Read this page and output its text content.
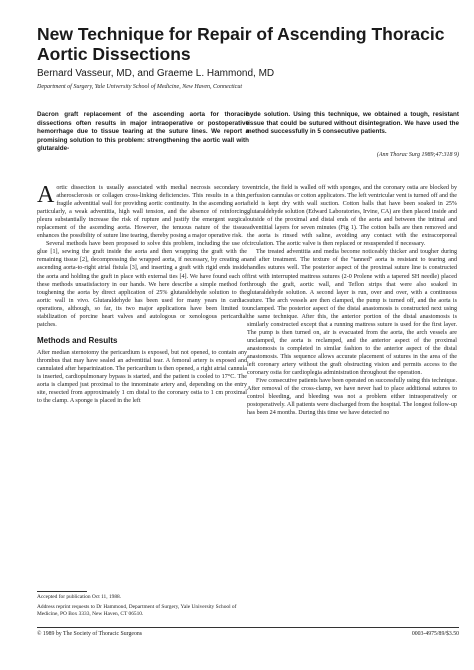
New Technique for Repair of Ascending Thoracic Aortic Dissections
Bernard Vasseur, MD, and Graeme L. Hammond, MD
Department of Surgery, Yale University School of Medicine, New Haven, Connecticut

Dacron graft replacement of the ascending aorta for thoracic dissections often results in major intraoperative or postoperative hemorrhage due to tissue tearing at the suture lines. We report a promising solution to this problem: strengthening the aortic wall with glutaralde-

hyde solution. Using this technique, we obtained a tough, resistant tissue that could be sutured without disintegration. We have used the method successfully in 5 consecutive patients.

(Ann Thorac Surg 1989;47:318 9)

Aortic dissection is usually associated with medial necrosis secondary to atherosclerosis or collagen cross-linking deficiencies. This results in a thin, fragile adventitial wall for providing aortic continuity. In the ascending aorta particularly, a weak adventitia, high wall tension, and the absence of reinforcing pleura substantially increase the risk of rupture and justify the emergent surgical replacement of the ascending aorta. However, the tenuous nature of the tissue enhances the possibility of suture line tearing, thereby posing a major operative risk.

Several methods have been proposed to solve this problem, including the use of glue [1], sewing the graft inside the aorta and then wrapping the graft with the remaining tissue [2], decompressing the wrapped aorta, if necessary, by creating an ascending aorta-to-right atrial fistula [3], and inserting a graft with rigid ends inside the aorta and holding the graft in place with external ties [4]. We have found each of these methods unsatisfactory in our hands. We here describe a simple method for toughening the aorta by direct application of 25% glutaraldehyde solution to the aortic wall in vivo. Glutaraldehyde has been used for many years in cardiac operations, although, so far, its two major applications have been limited to stabilization of porcine heart valves and autologous or xenologous pericardial patches.

Methods and Results

After median sternotomy the pericardium is exposed, but not opened, to contain any thrombus that may have sealed an adventitial tear. A femoral artery is exposed and cannulated after heparinization. The pericardium is then opened, a right atrial cannula is inserted, cardiopulmonary bypass is started, and the patient is cooled to 17°C. The aorta is clamped just proximal to the innominate artery and, depending on the entry site, resected from approximately 1 cm distal to the coronary ostia to 1 cm proximal to the clamp. A sponge is placed in the left

ventricle, the field is walled off with sponges, and the coronary ostia are blocked by perfusion cannulas or cotton applicators. The left ventricular vent is turned off and the field is kept dry with wall suction. Cotton balls that have been soaked in 25% glutaraldehyde solution (Edward Laboratories, Irvine, CA) are then placed inside and outside of the proximal and distal ends of the aorta and between the intimal and adventitial layers for seven minutes (Fig 1). The cotton balls are then removed and the aorta is rinsed with saline, avoiding any contact with the extracorporeal circulation. The aortic valve is then replaced or resuspended if necessary.

The treated adventitia and media become noticeably thicker and tougher during and after treatment. The texture of the "tanned" aorta is resistant to tearing and handles sutures well. The posterior aspect of the proximal suture line is constructed first with interrupted mattress sutures (2-0 Prolene with a tapered SH needle) placed through the graft, aortic wall, and Teflon strips that were also soaked in glutaraldehyde solution. A second layer is run, over and over, with a continuous suture. The arch vessels are then clamped, the pump is turned off, and the aorta is unclamped. The posterior aspect of the distal anastomosis is constructed next using the same technique. After this, the anterior portion of the distal anastomosis is similarly constructed except that a running mattress suture is used for the first layer. The pump is then turned on, air is evacuated from the aorta, the arch vessels are unclamped, the aorta is reclamped, and the anterior aspect of the proximal anastomosis is completed in similar fashion to the anterior aspect of the distal anastomosis. This sequence allows accurate placement of sutures in the area of the left coronary artery without the graft obstructing vision and permits access to the coronary ostia for cardioplegia administration throughout the operation.

Five consecutive patients have been operated on successfully using this technique. After removal of the cross-clamp, we have never had to place additional sutures to control bleeding, and bleeding was not a problem either intraoperatively or postoperatively. All patients were discharged from the hospital. The longest follow-up has been 24 months. During this time we have detected no

Accepted for publication Oct 11, 1988.
Address reprint requests to Dr Hammond, Department of Surgery, Yale University School of Medicine, PO Box 3333, New Haven, CT 06510.
© 1989 by The Society of Thoracic Surgeons	0003-4975/89/$3.50
